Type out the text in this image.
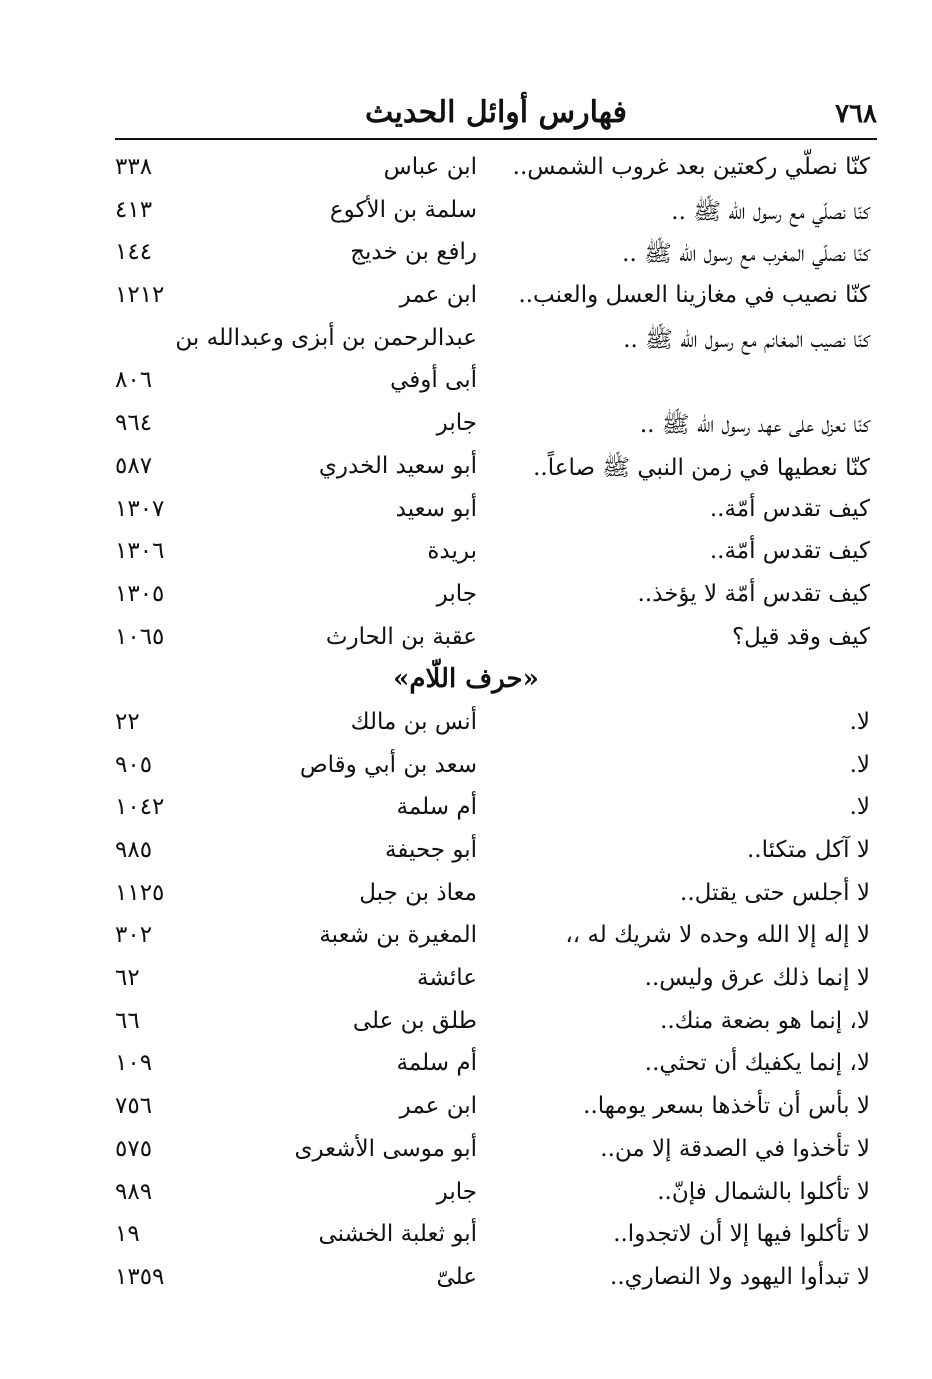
٧٦٨
فهارس أوائل الحديث
كنّا نصلّي ركعتين بعد غروب الشمس..
ابن عباس
٣٣٨
كنّا نصلّي مع رسول الله ﷺ ..
سلمة بن الأكوع
٤١٣
كنّا نصلّي المغرب مع رسول الله ﷺ ..
رافع بن خديج
١٤٤
كنّا نصيب في مغازينا العسل والعنب..
ابن عمر
١٢١٢
كنّا نصيب المغانم مع رسول الله ﷺ ..
عبدالرحمن بن أبزى وعبدالله بن
أبى أوفي
٨٠٦
كنّا نعزل على عهد رسول الله ﷺ ..
جابر
٩٦٤
كنّا نعطيها في زمن النبي ﷺ صاعاً..
أبو سعيد الخدري
٥٨٧
كيف تقدس أمّة..
أبو سعيد
١٣٠٧
كيف تقدس أمّة..
بريدة
١٣٠٦
كيف تقدس أمّة لا يؤخذ..
جابر
١٣٠٥
كيف وقد قيل؟
عقبة بن الحارث
١٠٦٥
«حرف اللّام»
لا.
أنس بن مالك
٢٢
لا.
سعد بن أبي وقاص
٩٠٥
لا.
أم سلمة
١٠٤٢
لا آكل متكئا..
أبو جحيفة
٩٨٥
لا أجلس حتى يقتل..
معاذ بن جبل
١١٢٥
لا إله إلا الله وحده لا شريك له ،،
المغيرة بن شعبة
٣٠٢
لا إنما ذلك عرق وليس..
عائشة
٦٢
لا، إنما هو بضعة منك..
طلق بن على
٦٦
لا، إنما يكفيك أن تحثي..
أم سلمة
١٠٩
لا بأس أن تأخذها بسعر يومها..
ابن عمر
٧٥٦
لا تأخذوا في الصدقة إلا من..
أبو موسى الأشعرى
٥٧٥
لا تأكلوا بالشمال فإنّ..
جابر
٩٨٩
لا تأكلوا فيها إلا أن لاتجدوا..
أبو ثعلبة الخشنى
١٩
لا تبدأوا اليهود ولا النصاري..
علىّ
١٣٥٩
